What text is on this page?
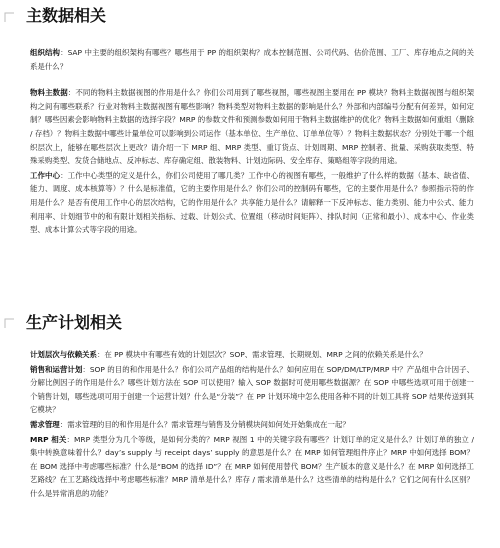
主数据相关

组织结构：SAP 中主要的组织架构有哪些？哪些用于 PP 的组织架构？成本控制范围、公司代码、估价范围、工厂、库存地点之间的关系是什么？

物料主数据：不同的物料主数据视图的作用是什么？你们公司用到了哪些视图，哪些视图主要用在 PP 模块？物料主数据视图与组织架构之间有哪些联系？行业对物料主数据视图有哪些影响？物料类型对物料主数据的影响是什么？外部和内部编号分配有何差异，如何定制？哪些因素会影响物料主数据的选择字段？MRP 的参数文件和预测参数如何用于物料主数据维护的优化？物料主数据如何重组（删除 / 存档）？物料主数据中哪些计量单位可以影响到公司运作（基本单位、生产单位、订单单位等）？物料主数据状态？分别处于哪一个组织层次上，能够在哪些层次上更改？请介绍一下 MRP 组、MRP 类型、重订货点、计划周期、MRP 控制者、批量、采购获取类型、特殊采购类型、发货合储地点、反冲标志、库存确定组、散装物料、计划边际码、安全库存、策略组等字段的用途。

工作中心：工作中心类型的定义是什么，你们公司使用了哪几类？工作中心的视图有哪些，一般维护了什么样的数据（基本、缺省值、能力、调度、成本核算等）？什么是标准值，它的主要作用是什么？你们公司的控制码有哪些，它的主要作用是什么？参照指示符的作用是什么？是否有使用工作中心的层次结构，它的作用是什么？共享能力是什么？请解释一下反冲标志、能力类别、能力中公式、能力利用率、计划细节中的和有限计划相关指标、过载、计划公式、位置组（移动时间矩阵）、排队时间（正常和最小）、成本中心、作业类型、成本计算公式等字段的用途。

生产计划相关

计划层次与依赖关系：在 PP 模块中有哪些有效的计划层次？SOP、需求管理、长期规划、MRP 之间的依赖关系是什么？

销售和运营计划：SOP 的目的和作用是什么？你们公司产品组的结构是什么？如何应用在 SOP/DM/LTP/MRP 中？产品组中合计因子、分解比例因子的作用是什么？哪些计划方法在 SOP 可以使用？输入 SOP 数据时可使用哪些数据源？在 SOP 中哪些选项可用于创建一个销售计划，哪些选项可用于创建一个运营计划？什么是“分装”？在 PP 计划环境中怎么使用各种不同的计划工具将 SOP 结果传送到其它模块？

需求管理：需求管理的目的和作用是什么？需求管理与销售及分销模块间如何处开始集成在一起？

MRP 相关：MRP 类型分为几个等级，是如何分类的？MRP 视图 1 中的关键字段有哪些？计划订单的定义是什么？计划订单的独立 / 集中转换意味着什么？day’s supply 与 receipt days’ supply 的意思是什么？在 MRP 如何管理组件序止？MRP 中如何选择 BOM？在 BOM 选择中考虑哪些标准？什么是“BOM 的选择 ID”？在 MRP 如何使用替代 BOM？生产版本的意义是什么？在 MRP 如何选择工艺路线？在工艺路线选择中考虑哪些标准？MRP 清单是什么？库存 / 需求清单是什么？这些清单的结构是什么？它们之间有什么区别？什么是异常消息的功能？
